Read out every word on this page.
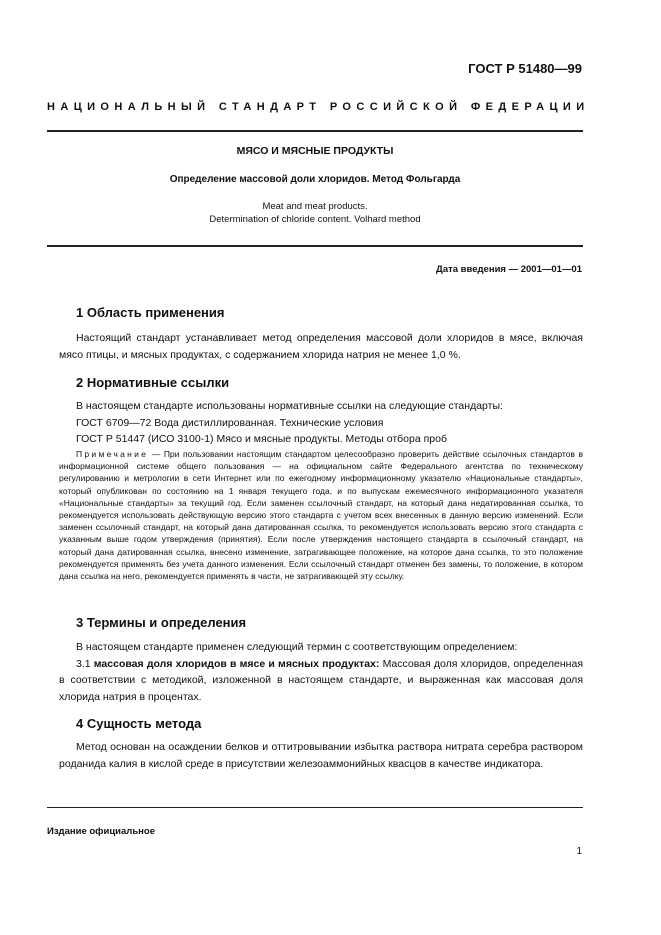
ГОСТ Р 51480—99
НАЦИОНАЛЬНЫЙ СТАНДАРТ РОССИЙСКОЙ ФЕДЕРАЦИИ
МЯСО И МЯСНЫЕ ПРОДУКТЫ
Определение массовой доли хлоридов. Метод Фольгарда
Meat and meat products.
Determination of chloride content. Volhard method
Дата введения — 2001—01—01
1 Область применения

Настоящий стандарт устанавливает метод определения массовой доли хлоридов в мясе, включая мясо птицы, и мясных продуктах, с содержанием хлорида натрия не менее 1,0 %.

2 Нормативные ссылки

В настоящем стандарте использованы нормативные ссылки на следующие стандарты:

ГОСТ 6709—72 Вода дистиллированная. Технические условия

ГОСТ Р 51447 (ИСО 3100-1) Мясо и мясные продукты. Методы отбора проб

Примечание — При пользовании настоящим стандартом целесообразно проверить действие ссылочных стандартов в информационной системе общего пользования — на официальном сайте Федерального агентства по техническому регулированию и метрологии в сети Интернет или по ежегодному информационному указателю «Национальные стандарты», который опубликован по состоянию на 1 января текущего года, и по выпускам ежемесячного информационного указателя «Национальные стандарты» за текущий год. Если заменен ссылочный стандарт, на который дана недатированная ссылка, то рекомендуется использовать действующую версию этого стандарта с учетом всех внесенных в данную версию изменений. Если заменен ссылочный стандарт, на который дана датированная ссылка, то рекомендуется использовать версию этого стандарта с указанным выше годом утверждения (принятия). Если после утверждения настоящего стандарта в ссылочный стандарт, на который дана датированная ссылка, внесено изменение, затрагивающее положение, на которое дана ссылка, то это положение рекомендуется применять без учета данного изменения. Если ссылочный стандарт отменен без замены, то положение, в котором дана ссылка на него, рекомендуется применять в части, не затрагивающей эту ссылку.

3 Термины и определения

В настоящем стандарте применен следующий термин с соответствующим определением:

3.1 массовая доля хлоридов в мясе и мясных продуктах: Массовая доля хлоридов, определенная в соответствии с методикой, изложенной в настоящем стандарте, и выраженная как массовая доля хлорида натрия в процентах.

4 Сущность метода

Метод основан на осаждении белков и оттитровывании избытка раствора нитрата серебра раствором роданида калия в кислой среде в присутствии железоаммонийных квасцов в качестве индикатора.

Издание официальное
1
